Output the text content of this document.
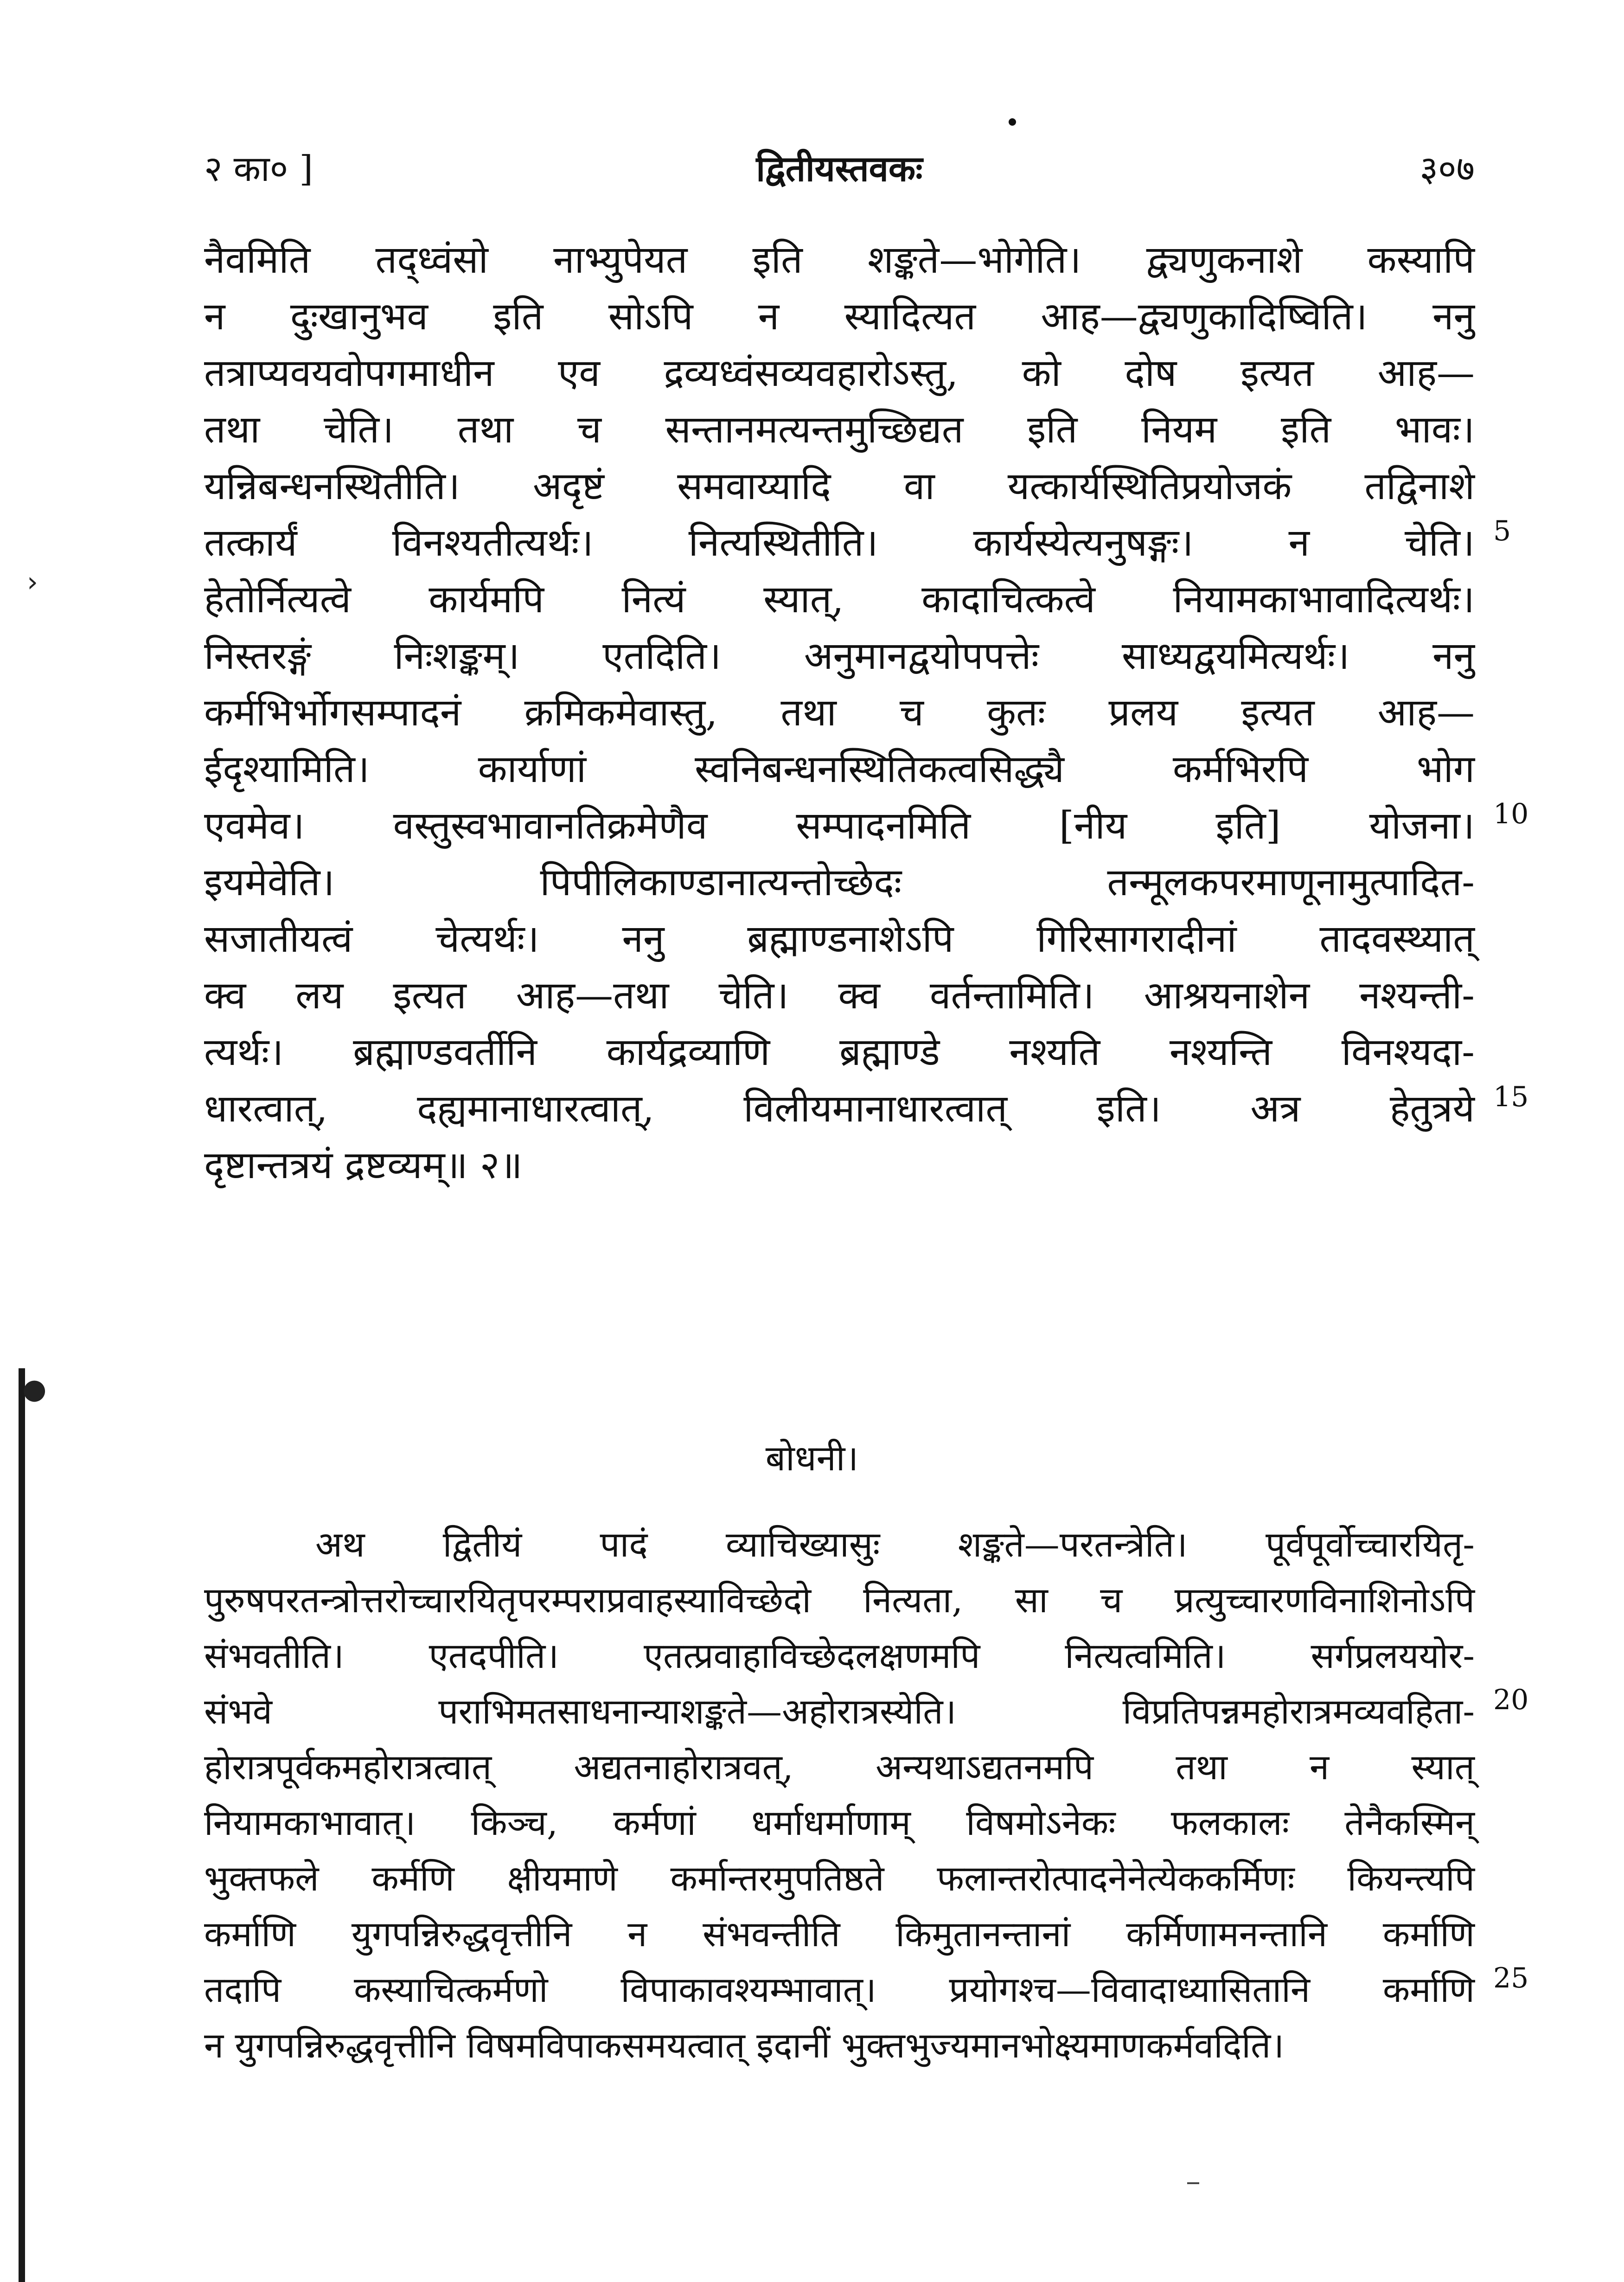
›
●
२ का० ]	द्वितीयस्तवकः	३०७
नैवमिति तद्ध्वंसो नाभ्युपेयत इति शङ्कते—भोगेति। द्व्यणुकनाशे कस्यापि
न दुःखानुभव इति सोऽपि न स्यादित्यत आह—द्व्यणुकादिष्विति। ननु
तत्राप्यवयवोपगमाधीन एव द्रव्यध्वंसव्यवहारोऽस्तु, को दोष इत्यत आह—
तथा चेति। तथा च सन्तानमत्यन्तमुच्छिद्यत इति नियम इति भावः।
यन्निबन्धनस्थितीति। अदृष्टं समवाय्यादि वा यत्कार्यस्थितिप्रयोजकं तद्विनाशे
तत्कार्यं विनश्यतीत्यर्थः। नित्यस्थितीति। कार्यस्येत्यनुषङ्गः। न चेति।
हेतोर्नित्यत्वे कार्यमपि नित्यं स्यात्, कादाचित्कत्वे नियामकाभावादित्यर्थः।
निस्तरङ्गं निःशङ्कम्। एतदिति। अनुमानद्वयोपपत्तेः साध्यद्वयमित्यर्थः। ननु
कर्मभिर्भोगसम्पादनं क्रमिकमेवास्तु, तथा च कुतः प्रलय इत्यत आह—
ईदृश्यामिति। कार्याणां स्वनिबन्धनस्थितिकत्वसिद्ध्यै कर्मभिरपि भोग
एवमेव। वस्तुस्वभावानतिक्रमेणैव सम्पादनमिति [नीय इति] योजना।
इयमेवेति। पिपीलिकाण्डानात्यन्तोच्छेदः तन्मूलकपरमाणूनामुत्पादित-
सजातीयत्वं चेत्यर्थः। ननु ब्रह्माण्डनाशेऽपि गिरिसागरादीनां तादवस्थ्यात्
क्व लय इत्यत आह—तथा चेति। क्व वर्तन्तामिति। आश्रयनाशेन नश्यन्ती-
त्यर्थः। ब्रह्माण्डवर्तीनि कार्यद्रव्याणि ब्रह्माण्डे नश्यति नश्यन्ति विनश्यदा-
धारत्वात्, दह्यमानाधारत्वात्, विलीयमानाधारत्वात् इति। अत्र हेतुत्रये
दृष्टान्तत्रयं द्रष्टव्यम्॥ २॥
5
10
15
बोधनी।
अथ द्वितीयं पादं व्याचिख्यासुः शङ्कते—परतन्त्रेति। पूर्वपूर्वोच्चारयितृ-
पुरुषपरतन्त्रोत्तरोच्चारयितृपरम्पराप्रवाहस्याविच्छेदो नित्यता, सा च प्रत्युच्चारणविनाशिनोऽपि
संभवतीति। एतदपीति। एतत्प्रवाहाविच्छेदलक्षणमपि नित्यत्वमिति। सर्गप्रलययोर-
संभवे पराभिमतसाधनान्याशङ्कते—अहोरात्रस्येति। विप्रतिपन्नमहोरात्रमव्यवहिता-
होरात्रपूर्वकमहोरात्रत्वात् अद्यतनाहोरात्रवत्, अन्यथाऽद्यतनमपि तथा न स्यात्
नियामकाभावात्। किञ्च, कर्मणां धर्माधर्माणाम् विषमोऽनेकः फलकालः तेनैकस्मिन्
भुक्तफले कर्मणि क्षीयमाणे कर्मान्तरमुपतिष्ठते फलान्तरोत्पादनेनेत्येककर्मिणः कियन्त्यपि
कर्माणि युगपन्निरुद्धवृत्तीनि न संभवन्तीति किमुतानन्तानां कर्मिणामनन्तानि कर्माणि
तदापि कस्याचित्कर्मणो विपाकावश्यम्भावात्। प्रयोगश्च—विवादाध्यासितानि कर्माणि
न युगपन्निरुद्धवृत्तीनि विषमविपाकसमयत्वात् इदानीं भुक्तभुज्यमानभोक्ष्यमाणकर्मवदिति।
20
25
